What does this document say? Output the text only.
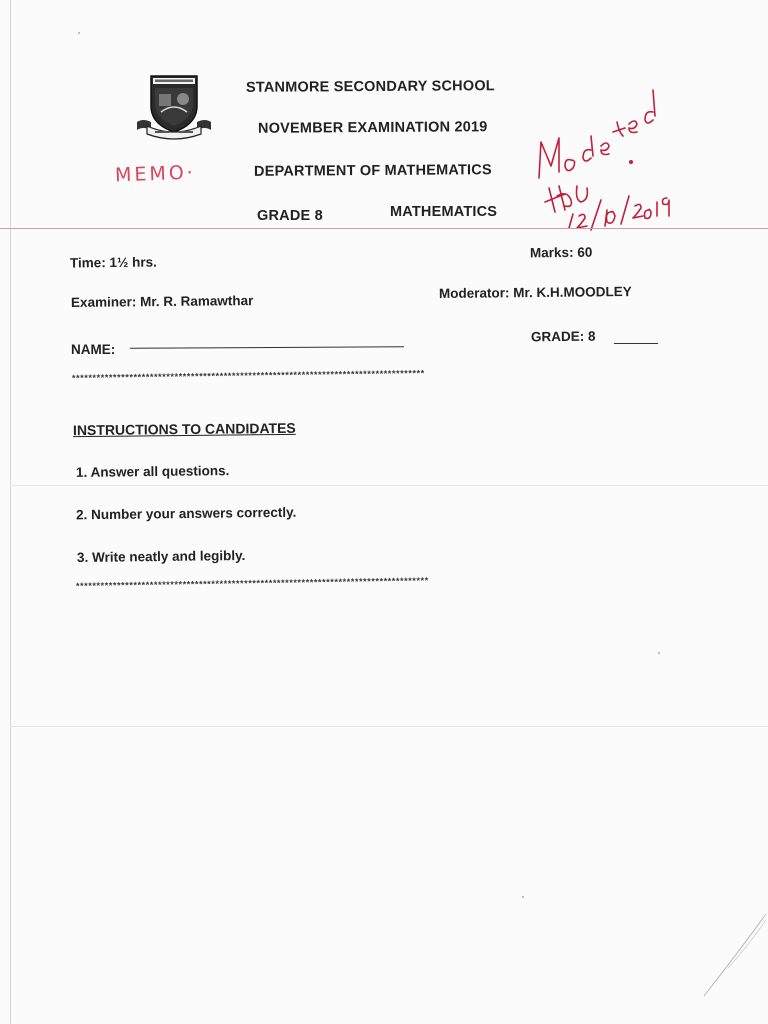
STANMORE SECONDARY SCHOOL
NOVEMBER EXAMINATION 2019
DEPARTMENT OF MATHEMATICS
GRADE 8	MATHEMATICS
MEMO·
Time: 1½ hrs.
Marks: 60
Examiner: Mr. R. Ramawthar
Moderator: Mr. K.H.MOODLEY
NAME:
GRADE: 8
**************************************************************************************
INSTRUCTIONS TO CANDIDATES
1. Answer all questions.
2. Number your answers correctly.
3. Write neatly and legibly.
**************************************************************************************
